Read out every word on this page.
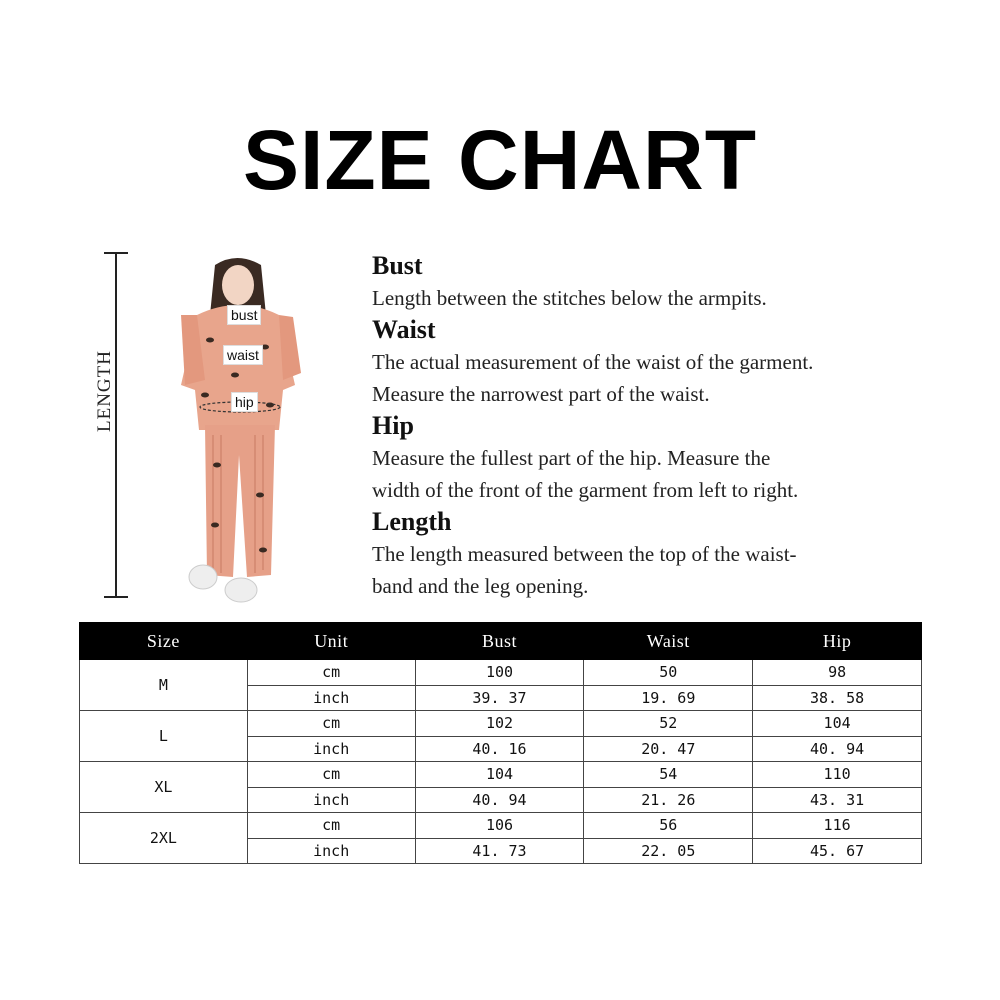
SIZE CHART
LENGTH
bust
waist
hip
Bust
Length between the stitches below the armpits.
Waist
The actual measurement of the waist of the garment.
Measure the narrowest part of the waist.
Hip
Measure the fullest part of the hip. Measure the
width of the front of the garment from left to right.
Length
The length measured between the top of the waist-
band and the leg opening.
Size	Unit	Bust	Waist	Hip
M	cm	100	50	98
	inch	39. 37	19. 69	38. 58
L	cm	102	52	104
	inch	40. 16	20. 47	40. 94
XL	cm	104	54	110
	inch	40. 94	21. 26	43. 31
2XL	cm	106	56	116
	inch	41. 73	22. 05	45. 67
